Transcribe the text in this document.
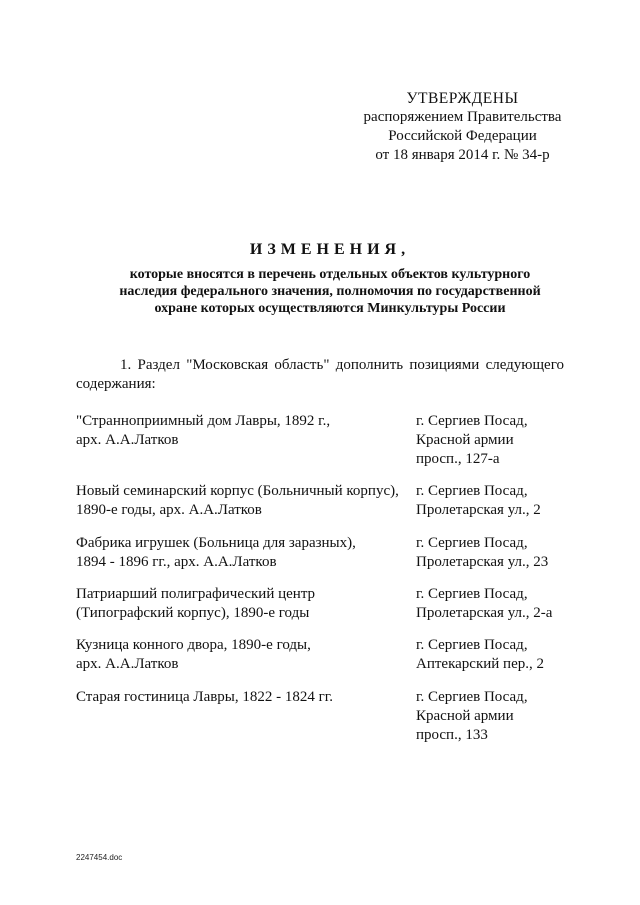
УТВЕРЖДЕНЫ
распоряжением Правительства
Российской Федерации
от 18 января 2014 г. № 34-р
ИЗМЕНЕНИЯ,
которые вносятся в перечень отдельных объектов культурного
наследия федерального значения, полномочия по государственной
охране которых осуществляются Минкультуры России
1. Раздел "Московская область" дополнить позициями следующего содержания:
"Странноприимный дом Лавры, 1892 г.,
арх. А.А.Латков
г. Сергиев Посад,
Красной армии
просп., 127-а
Новый семинарский корпус (Больничный корпус),
1890-е годы, арх. А.А.Латков
г. Сергиев Посад,
Пролетарская ул., 2
Фабрика игрушек (Больница для заразных),
1894 - 1896 гг., арх. А.А.Латков
г. Сергиев Посад,
Пролетарская ул., 23
Патриарший полиграфический центр
(Типографский корпус), 1890-е годы
г. Сергиев Посад,
Пролетарская ул., 2-а
Кузница конного двора, 1890-е годы,
арх. А.А.Латков
г. Сергиев Посад,
Аптекарский пер., 2
Старая гостиница Лавры, 1822 - 1824 гг.	г. Сергиев Посад,
Красной армии
просп., 133
2247454.doc
